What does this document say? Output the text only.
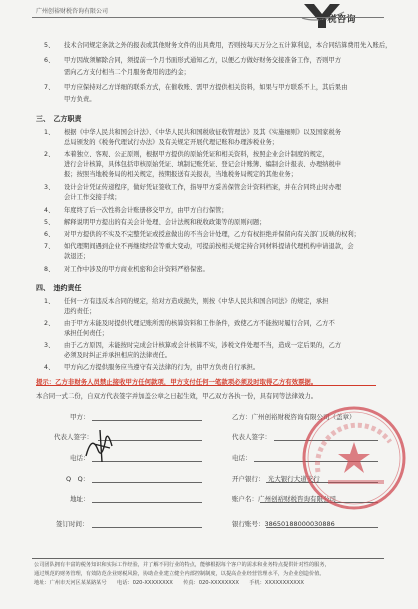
广州创裕财税咨询有限公司
财税咨询
5、 技术合同规定条款之外的报表或其他财务文件的出具费用，否则按每天万分之五计算利息，本合同结算费用先入账后，
6、 甲方因故须解除合同，须提前一个月书面形式通知乙方，以便乙方做好财务交接准备工作，否则甲方
需向乙方支付相当二个月服务费用的违约金；
7、 甲方应保持对乙方详细的联系方式，在催收账、需甲方提供相关资料，如果与甲方联系不上，其后果由
甲方负责。
三、　乙方职责
1、 根据《中华人民共和国会计法》、《中华人民共和国税收征收管理法》及其《实施细则》以及国家税务
总局颁发的《税务代理试行办法》及有关规定开展代理记账和办理涉税业务；
2、 本着独立、客观、公正原则，根据甲方提供的原始凭证和相关资料，按照企业会计制度的规定，
进行会计核算，具体包括审核原始凭证、填制记账凭证、登记会计账簿、编制会计报表、办理纳税申
报；按照当地税务局的相关规定，按期报送有关报表，当地税务局规定的其他业务；
3、 设计会计凭证传递程序，做好凭证签收工作，指导甲方妥善保管会计资料档案，并在合同终止时办理
会计工作交接手续；
4、 年度终了后一次性将会计账册移交甲方，由甲方自行保管；
5、 解释说明甲方提出的有关会计处理、会计法规和税收政策等的原则问题；
6、 对甲方提供的不实及不完整凭证或授意做出的不当会计处理，乙方有权拒绝并保留向有关部门反映的权利；
7、 如代理期间遇到企业不再继续经营等重大变动，可提前按相关规定持合同材料提请代理机构申请退款，会
款退还；
8、 对工作中涉及的甲方商业机密和会计资料严格保密。
四、　违约责任
1、 任何一方有违反本合同的规定，给对方造成损失，则按《中华人民共和国合同法》的规定，承担
违约责任；
2、 由于甲方未能及时提供代理记账所需的核算资料和工作条件，致使乙方不能按时履行合同，乙方不
承担任何责任；
3、 由于乙方原因，未能按时完成会计核算或会计核算不实，涉税文件处理不当，造成一定后果的，乙方
必须及时纠正并承担相应的法律责任。
4、 甲方向乙方提供服务应当遵守有关法律的行为，由甲方负责自行承担。
提示：乙方非财务人员禁止接收甲方任何款项，甲方支付任何一笔款项必须及时取得乙方有效票据。
本合同一式二份，自双方代表签字并加盖公章之日起生效，甲乙双方各执一份，具有同等法律效力。
甲方：
代表人签字：
电话：
Q　Q：
地址：
签订时间：
乙方：广州创裕财税咨询有限公司（盖章）
代表人签字：
电话：
开户银行：　光大银行大道支行
账户名：广州创裕财税咨询有限公司
银行账号：38650188000030886
公司团队拥有丰富的税务知识和实际工作经验，并了解不同行业的特点，能够根据每个客户的需求和业务特点提供针对性的服务，
通过规范的财务管理，有效防范企业财税风险，协助企业建立健全内部控制制度，以提高企业经营管理水平，为企业创造价值。
地址：广州市天河区某某路某号　　电话：020-XXXXXXXX　　传真：020-XXXXXXXX　　手机：XXXXXXXXXXX
